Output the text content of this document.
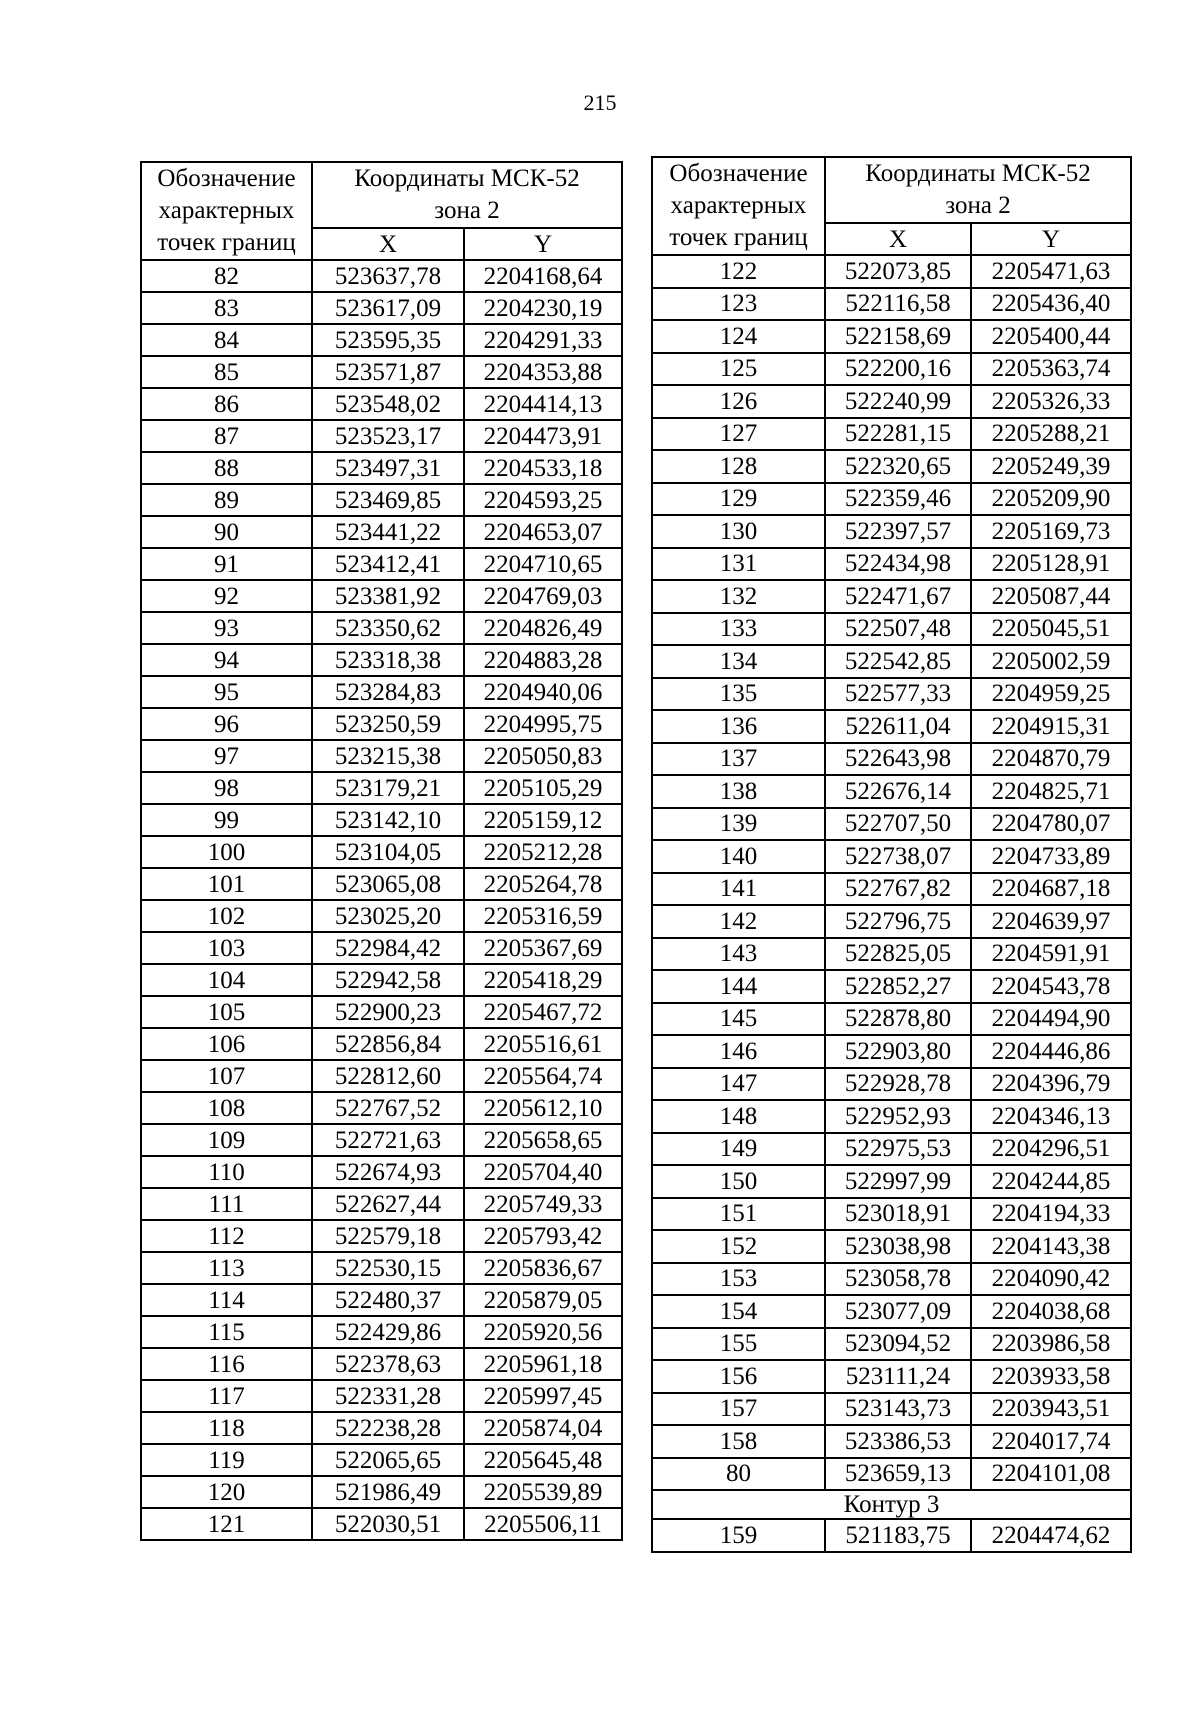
215
Обозначение
характерных
точек границ	Координаты МСК-52
зона 2	
	X	Y
82	523637,78	2204168,64
83	523617,09	2204230,19
84	523595,35	2204291,33
85	523571,87	2204353,88
86	523548,02	2204414,13
87	523523,17	2204473,91
88	523497,31	2204533,18
89	523469,85	2204593,25
90	523441,22	2204653,07
91	523412,41	2204710,65
92	523381,92	2204769,03
93	523350,62	2204826,49
94	523318,38	2204883,28
95	523284,83	2204940,06
96	523250,59	2204995,75
97	523215,38	2205050,83
98	523179,21	2205105,29
99	523142,10	2205159,12
100	523104,05	2205212,28
101	523065,08	2205264,78
102	523025,20	2205316,59
103	522984,42	2205367,69
104	522942,58	2205418,29
105	522900,23	2205467,72
106	522856,84	2205516,61
107	522812,60	2205564,74
108	522767,52	2205612,10
109	522721,63	2205658,65
110	522674,93	2205704,40
111	522627,44	2205749,33
112	522579,18	2205793,42
113	522530,15	2205836,67
114	522480,37	2205879,05
115	522429,86	2205920,56
116	522378,63	2205961,18
117	522331,28	2205997,45
118	522238,28	2205874,04
119	522065,65	2205645,48
120	521986,49	2205539,89
121	522030,51	2205506,11
Обозначение
характерных
точек границ	Координаты МСК-52
зона 2	
	X	Y
122	522073,85	2205471,63
123	522116,58	2205436,40
124	522158,69	2205400,44
125	522200,16	2205363,74
126	522240,99	2205326,33
127	522281,15	2205288,21
128	522320,65	2205249,39
129	522359,46	2205209,90
130	522397,57	2205169,73
131	522434,98	2205128,91
132	522471,67	2205087,44
133	522507,48	2205045,51
134	522542,85	2205002,59
135	522577,33	2204959,25
136	522611,04	2204915,31
137	522643,98	2204870,79
138	522676,14	2204825,71
139	522707,50	2204780,07
140	522738,07	2204733,89
141	522767,82	2204687,18
142	522796,75	2204639,97
143	522825,05	2204591,91
144	522852,27	2204543,78
145	522878,80	2204494,90
146	522903,80	2204446,86
147	522928,78	2204396,79
148	522952,93	2204346,13
149	522975,53	2204296,51
150	522997,99	2204244,85
151	523018,91	2204194,33
152	523038,98	2204143,38
153	523058,78	2204090,42
154	523077,09	2204038,68
155	523094,52	2203986,58
156	523111,24	2203933,58
157	523143,73	2203943,51
158	523386,53	2204017,74
80	523659,13	2204101,08
Контур 3		
159	521183,75	2204474,62
